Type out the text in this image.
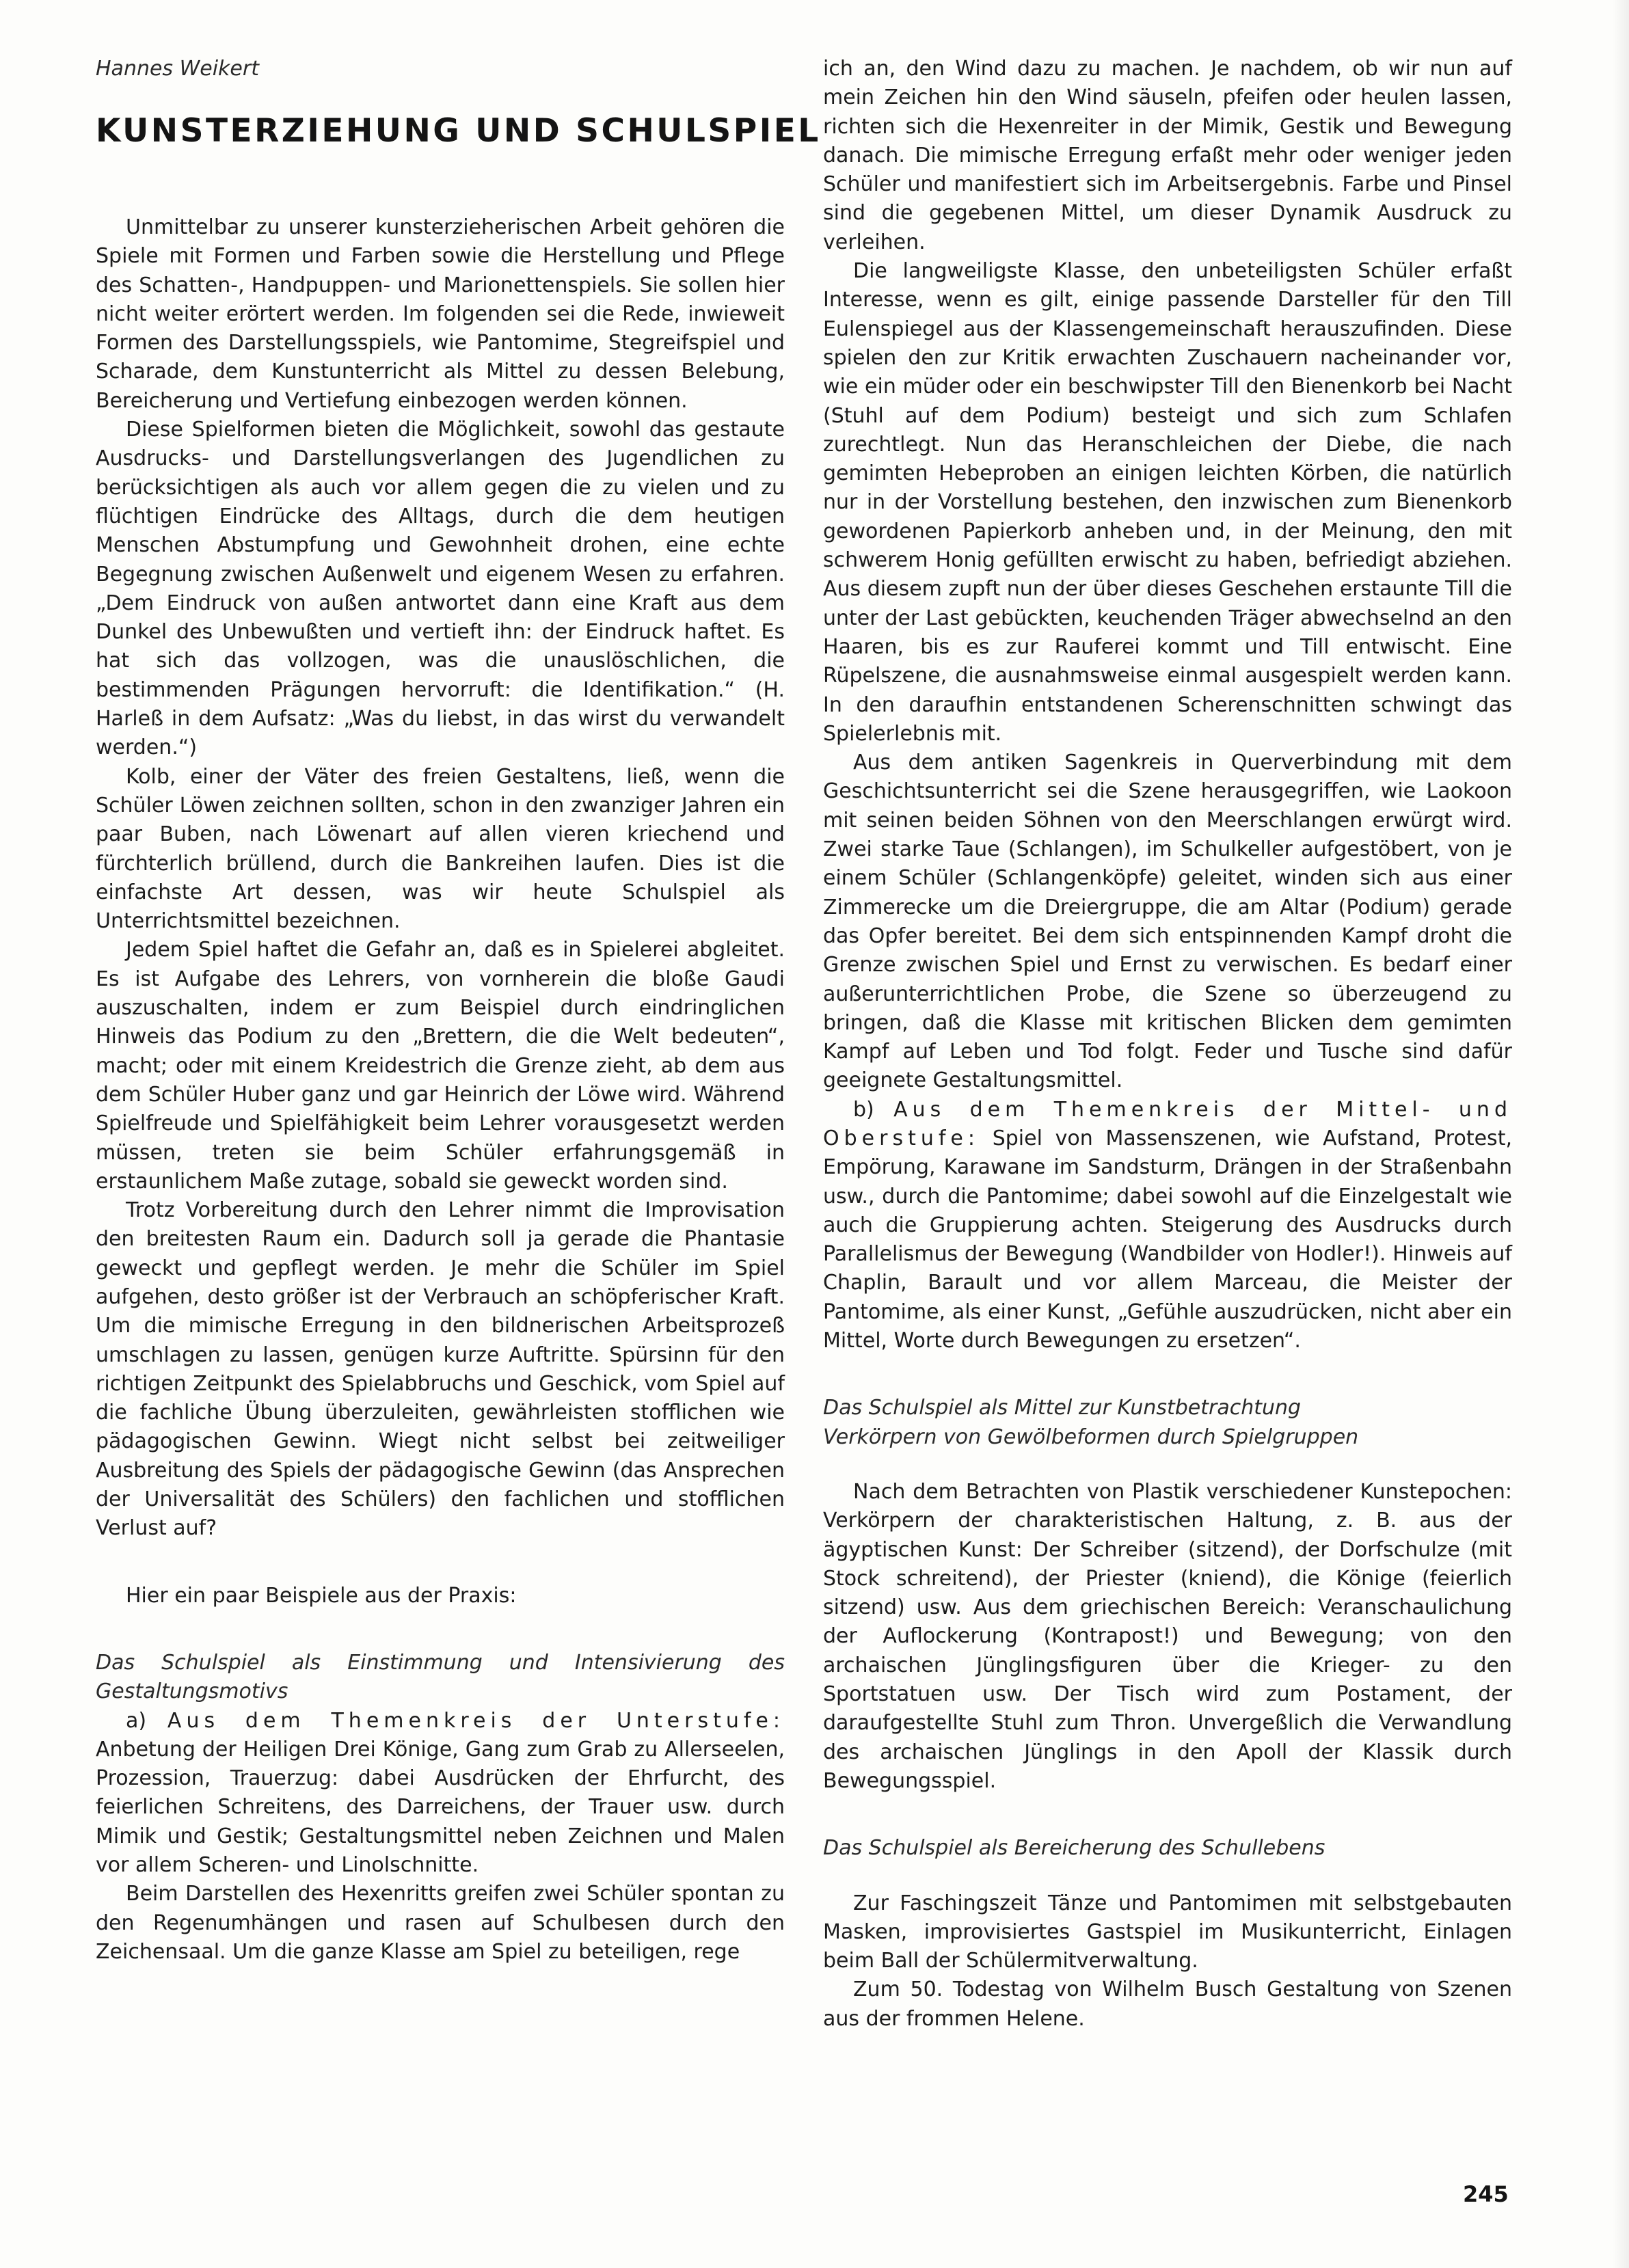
Hannes Weikert

KUNSTERZIEHUNG UND SCHULSPIEL

Unmittelbar zu unserer kunsterzieherischen Arbeit gehören die Spiele mit Formen und Farben sowie die Herstellung und Pflege des Schatten-, Handpuppen- und Marionettenspiels. Sie sollen hier nicht weiter erörtert werden. Im folgenden sei die Rede, inwieweit Formen des Darstellungsspiels, wie Pantomime, Stegreifspiel und Scharade, dem Kunstunterricht als Mittel zu dessen Belebung, Bereicherung und Vertiefung einbezogen werden können.

Diese Spielformen bieten die Möglichkeit, sowohl das gestaute Ausdrucks- und Darstellungsverlangen des Jugendlichen zu berücksichtigen als auch vor allem gegen die zu vielen und zu flüchtigen Eindrücke des Alltags, durch die dem heutigen Menschen Abstumpfung und Gewohnheit drohen, eine echte Begegnung zwischen Außenwelt und eigenem Wesen zu erfahren. „Dem Eindruck von außen antwortet dann eine Kraft aus dem Dunkel des Unbewußten und vertieft ihn: der Eindruck haftet. Es hat sich das vollzogen, was die unauslöschlichen, die bestimmenden Prägungen hervorruft: die Identifikation.“ (H. Harleß in dem Aufsatz: „Was du liebst, in das wirst du verwandelt werden.“)

Kolb, einer der Väter des freien Gestaltens, ließ, wenn die Schüler Löwen zeichnen sollten, schon in den zwanziger Jahren ein paar Buben, nach Löwenart auf allen vieren kriechend und fürchterlich brüllend, durch die Bankreihen laufen. Dies ist die einfachste Art dessen, was wir heute Schulspiel als Unterrichtsmittel bezeichnen.

Jedem Spiel haftet die Gefahr an, daß es in Spielerei abgleitet. Es ist Aufgabe des Lehrers, von vornherein die bloße Gaudi auszuschalten, indem er zum Beispiel durch eindringlichen Hinweis das Podium zu den „Brettern, die die Welt bedeuten“, macht; oder mit einem Kreidestrich die Grenze zieht, ab dem aus dem Schüler Huber ganz und gar Heinrich der Löwe wird. Während Spielfreude und Spielfähigkeit beim Lehrer vorausgesetzt werden müssen, treten sie beim Schüler erfahrungsgemäß in erstaunlichem Maße zutage, sobald sie geweckt worden sind.

Trotz Vorbereitung durch den Lehrer nimmt die Improvisation den breitesten Raum ein. Dadurch soll ja gerade die Phantasie geweckt und gepflegt werden. Je mehr die Schüler im Spiel aufgehen, desto größer ist der Verbrauch an schöpferischer Kraft. Um die mimische Erregung in den bildnerischen Arbeitsprozeß umschlagen zu lassen, genügen kurze Auftritte. Spürsinn für den richtigen Zeitpunkt des Spielabbruchs und Geschick, vom Spiel auf die fachliche Übung überzuleiten, gewährleisten stofflichen wie pädagogischen Gewinn. Wiegt nicht selbst bei zeitweiliger Ausbreitung des Spiels der pädagogische Gewinn (das Ansprechen der Universalität des Schülers) den fachlichen und stofflichen Verlust auf?

Hier ein paar Beispiele aus der Praxis:

Das Schulspiel als Einstimmung und Intensivierung des Gestaltungsmotivs

a) Aus dem Themenkreis der Unterstufe: Anbetung der Heiligen Drei Könige, Gang zum Grab zu Allerseelen, Prozession, Trauerzug: dabei Ausdrücken der Ehrfurcht, des feierlichen Schreitens, des Darreichens, der Trauer usw. durch Mimik und Gestik; Gestaltungsmittel neben Zeichnen und Malen vor allem Scheren- und Linolschnitte.

Beim Darstellen des Hexenritts greifen zwei Schüler spontan zu den Regenumhängen und rasen auf Schulbesen durch den Zeichensaal. Um die ganze Klasse am Spiel zu beteiligen, rege

ich an, den Wind dazu zu machen. Je nachdem, ob wir nun auf mein Zeichen hin den Wind säuseln, pfeifen oder heulen lassen, richten sich die Hexenreiter in der Mimik, Gestik und Bewegung danach. Die mimische Erregung erfaßt mehr oder weniger jeden Schüler und manifestiert sich im Arbeitsergebnis. Farbe und Pinsel sind die gegebenen Mittel, um dieser Dynamik Ausdruck zu verleihen.

Die langweiligste Klasse, den unbeteiligsten Schüler erfaßt Interesse, wenn es gilt, einige passende Darsteller für den Till Eulenspiegel aus der Klassengemeinschaft herauszufinden. Diese spielen den zur Kritik erwachten Zuschauern nacheinander vor, wie ein müder oder ein beschwipster Till den Bienenkorb bei Nacht (Stuhl auf dem Podium) besteigt und sich zum Schlafen zurechtlegt. Nun das Heranschleichen der Diebe, die nach gemimten Hebeproben an einigen leichten Körben, die natürlich nur in der Vorstellung bestehen, den inzwischen zum Bienenkorb gewordenen Papierkorb anheben und, in der Meinung, den mit schwerem Honig gefüllten erwischt zu haben, befriedigt abziehen. Aus diesem zupft nun der über dieses Geschehen erstaunte Till die unter der Last gebückten, keuchenden Träger abwechselnd an den Haaren, bis es zur Rauferei kommt und Till entwischt. Eine Rüpelszene, die ausnahmsweise einmal ausgespielt werden kann. In den daraufhin entstandenen Scherenschnitten schwingt das Spielerlebnis mit.

Aus dem antiken Sagenkreis in Querverbindung mit dem Geschichtsunterricht sei die Szene herausgegriffen, wie Laokoon mit seinen beiden Söhnen von den Meerschlangen erwürgt wird. Zwei starke Taue (Schlangen), im Schulkeller aufgestöbert, von je einem Schüler (Schlangenköpfe) geleitet, winden sich aus einer Zimmerecke um die Dreiergruppe, die am Altar (Podium) gerade das Opfer bereitet. Bei dem sich entspinnenden Kampf droht die Grenze zwischen Spiel und Ernst zu verwischen. Es bedarf einer außerunterrichtlichen Probe, die Szene so überzeugend zu bringen, daß die Klasse mit kritischen Blicken dem gemimten Kampf auf Leben und Tod folgt. Feder und Tusche sind dafür geeignete Gestaltungsmittel.

b) Aus dem Themenkreis der Mittel- und Oberstufe: Spiel von Massenszenen, wie Aufstand, Protest, Empörung, Karawane im Sandsturm, Drängen in der Straßenbahn usw., durch die Pantomime; dabei sowohl auf die Einzelgestalt wie auch die Gruppierung achten. Steigerung des Ausdrucks durch Parallelismus der Bewegung (Wandbilder von Hodler!). Hinweis auf Chaplin, Barault und vor allem Marceau, die Meister der Pantomime, als einer Kunst, „Gefühle auszudrücken, nicht aber ein Mittel, Worte durch Bewegungen zu ersetzen“.

Das Schulspiel als Mittel zur Kunstbetrachtung

Verkörpern von Gewölbeformen durch Spielgruppen

Nach dem Betrachten von Plastik verschiedener Kunstepochen: Verkörpern der charakteristischen Haltung, z. B. aus der ägyptischen Kunst: Der Schreiber (sitzend), der Dorfschulze (mit Stock schreitend), der Priester (kniend), die Könige (feierlich sitzend) usw. Aus dem griechischen Bereich: Veranschaulichung der Auflockerung (Kontrapost!) und Bewegung; von den archaischen Jünglingsfiguren über die Krieger- zu den Sportstatuen usw. Der Tisch wird zum Postament, der daraufgestellte Stuhl zum Thron. Unvergeßlich die Verwandlung des archaischen Jünglings in den Apoll der Klassik durch Bewegungsspiel.

Das Schulspiel als Bereicherung des Schullebens

Zur Faschingszeit Tänze und Pantomimen mit selbstgebauten Masken, improvisiertes Gastspiel im Musikunterricht, Einlagen beim Ball der Schülermitverwaltung.

Zum 50. Todestag von Wilhelm Busch Gestaltung von Szenen aus der frommen Helene.

245
